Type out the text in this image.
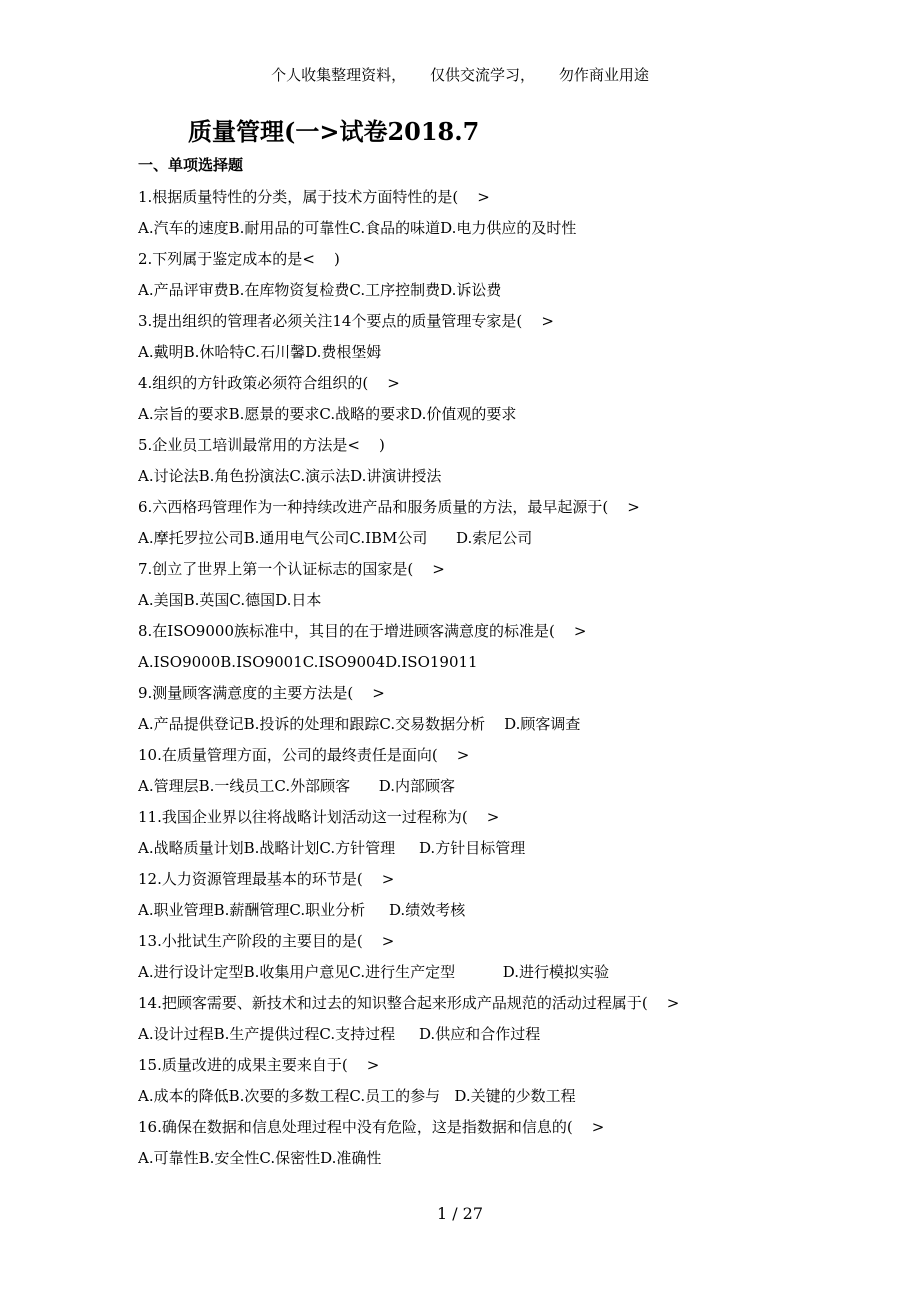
个人收集整理资料，     仅供交流学习，     勿作商业用途
质量管理(一>试卷2018.7
一、单项选择题
1.根据质量特性的分类，属于技术方面特性的是(    >
A.汽车的速度B.耐用品的可靠性C.食品的味道D.电力供应的及时性
2.下列属于鉴定成本的是<    )
A.产品评审费B.在库物资复检费C.工序控制费D.诉讼费
3.提出组织的管理者必须关注14个要点的质量管理专家是(    >
A.戴明B.休哈特C.石川馨D.费根堡姆
4.组织的方针政策必须符合组织的(    >
A.宗旨的要求B.愿景的要求C.战略的要求D.价值观的要求
5.企业员工培训最常用的方法是<    )
A.讨论法B.角色扮演法C.演示法D.讲演讲授法
6.六西格玛管理作为一种持续改进产品和服务质量的方法，最早起源于(    >
A.摩托罗拉公司B.通用电气公司C.IBM公司      D.索尼公司
7.创立了世界上第一个认证标志的国家是(    >
A.美国B.英国C.德国D.日本
8.在ISO9000族标准中，其目的在于增进顾客满意度的标准是(    >
A.ISO9000B.ISO9001C.ISO9004D.ISO19011
9.测量顾客满意度的主要方法是(    >
A.产品提供登记B.投诉的处理和跟踪C.交易数据分析    D.顾客调查
10.在质量管理方面，公司的最终责任是面向(    >
A.管理层B.一线员工C.外部顾客      D.内部顾客
11.我国企业界以往将战略计划活动这一过程称为(    >
A.战略质量计划B.战略计划C.方针管理     D.方针目标管理
12.人力资源管理最基本的环节是(    >
A.职业管理B.薪酬管理C.职业分析     D.绩效考核
13.小批试生产阶段的主要目的是(    >
A.进行设计定型B.收集用户意见C.进行生产定型          D.进行模拟实验
14.把顾客需要、新技术和过去的知识整合起来形成产品规范的活动过程属于(    >
A.设计过程B.生产提供过程C.支持过程     D.供应和合作过程
15.质量改进的成果主要来自于(    >
A.成本的降低B.次要的多数工程C.员工的参与   D.关键的少数工程
16.确保在数据和信息处理过程中没有危险，这是指数据和信息的(    >
A.可靠性B.安全性C.保密性D.准确性
1 / 27
